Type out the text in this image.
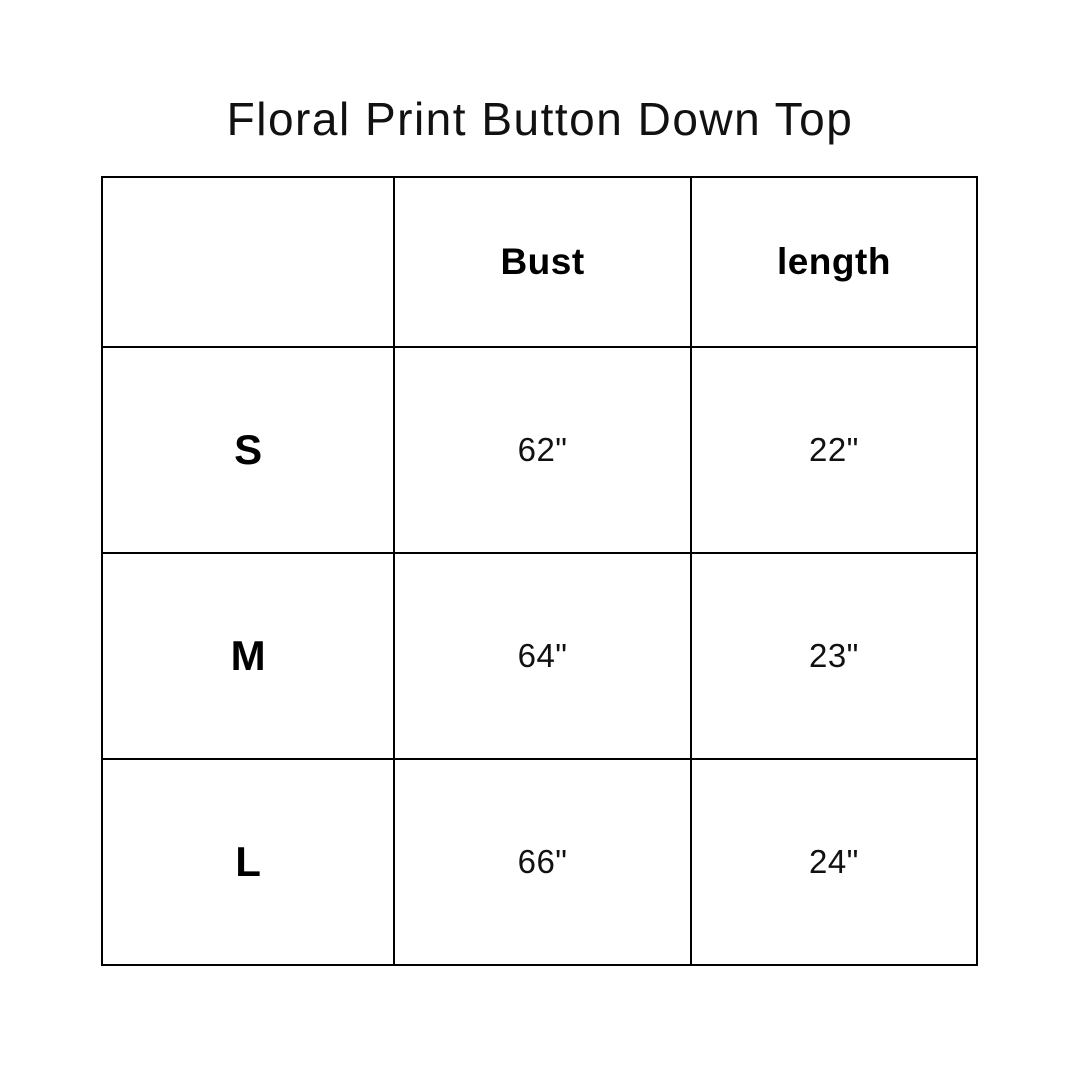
Floral Print Button Down Top
	Bust	length
S	62"	22"
M	64"	23"
L	66"	24"
